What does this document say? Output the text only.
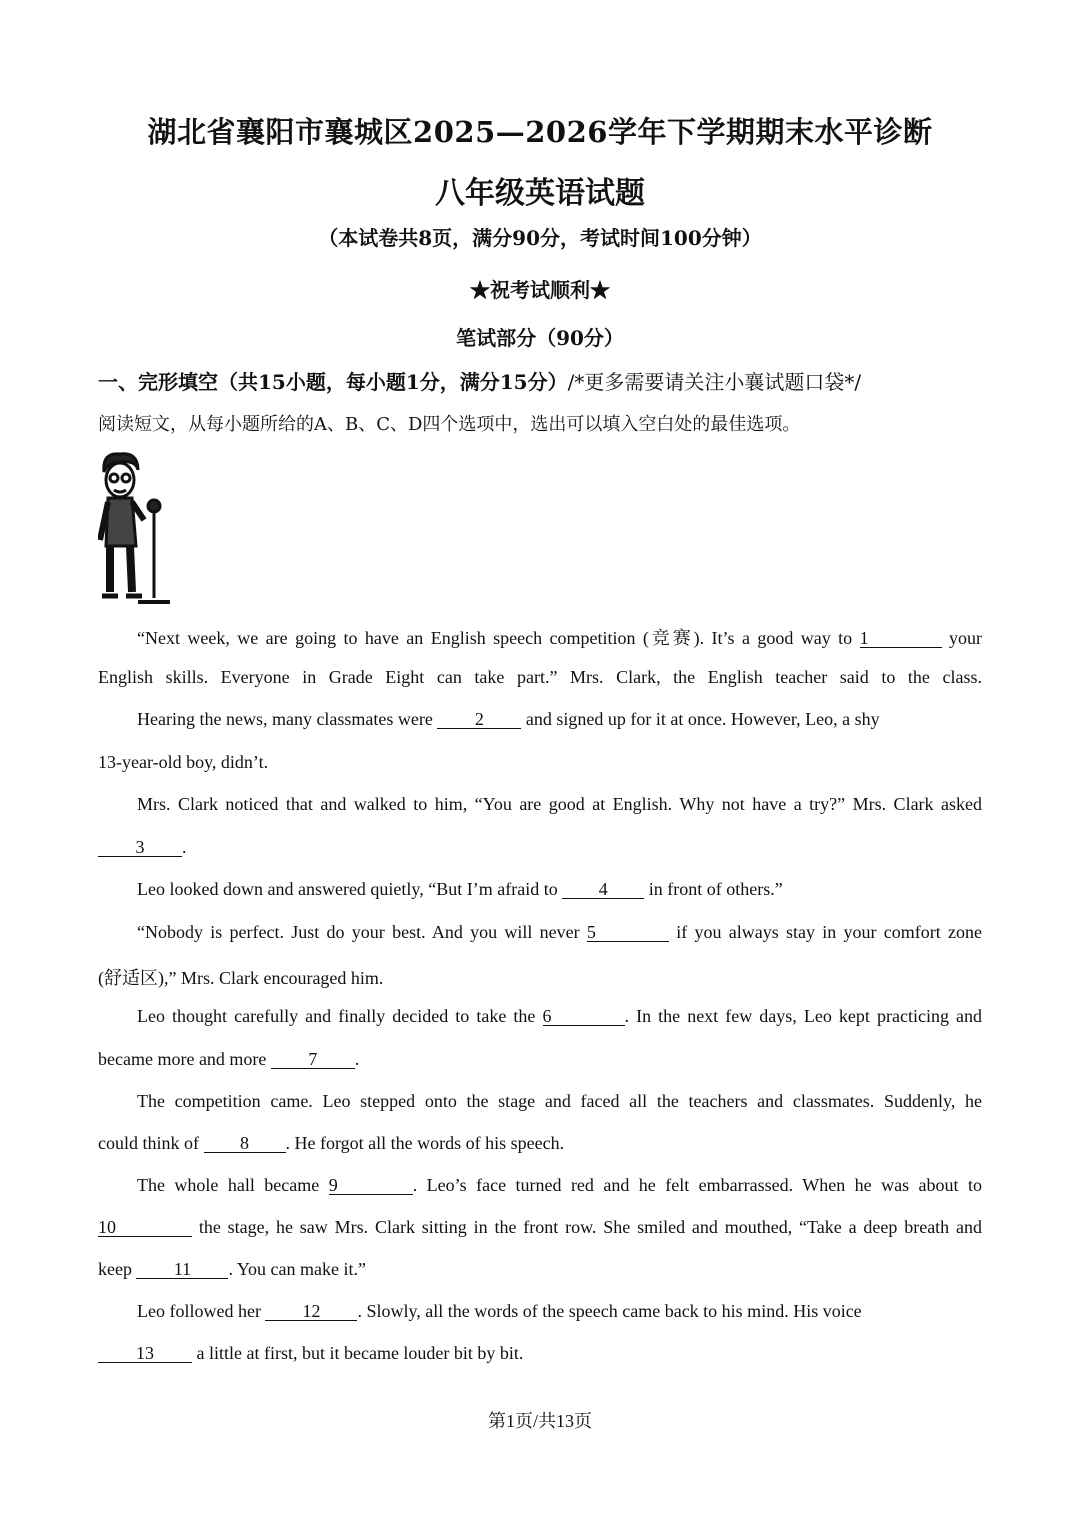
湖北省襄阳市襄城区2025—2026学年下学期期末水平诊断
八年级英语试题
（本试卷共8页，满分90分，考试时间100分钟）
★祝考试顺利★
笔试部分（90分）
一、完形填空（共15小题，每小题1分，满分15分）/*更多需要请关注小襄试题口袋*/
阅读短文，从每小题所给的A、B、C、D四个选项中，选出可以填入空白处的最佳选项。
“Next week, we are going to have an English speech competition (竞赛). It’s a good way to 1	your
English skills. Everyone in Grade Eight can take part.” Mrs. Clark, the English teacher said to the class.
Hearing the news, many classmates were 2 and signed up for it at once. However, Leo, a shy
13-year-old boy, didn’t.
Mrs. Clark noticed that and walked to him, “You are good at English. Why not have a try?” Mrs. Clark asked
3 .
Leo looked down and answered quietly, “But I’m afraid to 4 in front of others.”
“Nobody is perfect. Just do your best. And you will never 5	if you always stay in your comfort zone
(舒适区),” Mrs. Clark encouraged him.
Leo thought carefully and finally decided to take the 6	. In the next few days, Leo kept practicing and
became more and more 7 .
The competition came. Leo stepped onto the stage and faced all the teachers and classmates. Suddenly, he
could think of 8 . He forgot all the words of his speech.
The whole hall became 9	. Leo’s face turned red and he felt embarrassed. When he was about to
10	the stage, he saw Mrs. Clark sitting in the front row. She smiled and mouthed, “Take a deep breath and
keep 11 . You can make it.”
Leo followed her 12 . Slowly, all the words of the speech came back to his mind. His voice
13 a little at first, but it became louder bit by bit.
第1页/共13页
